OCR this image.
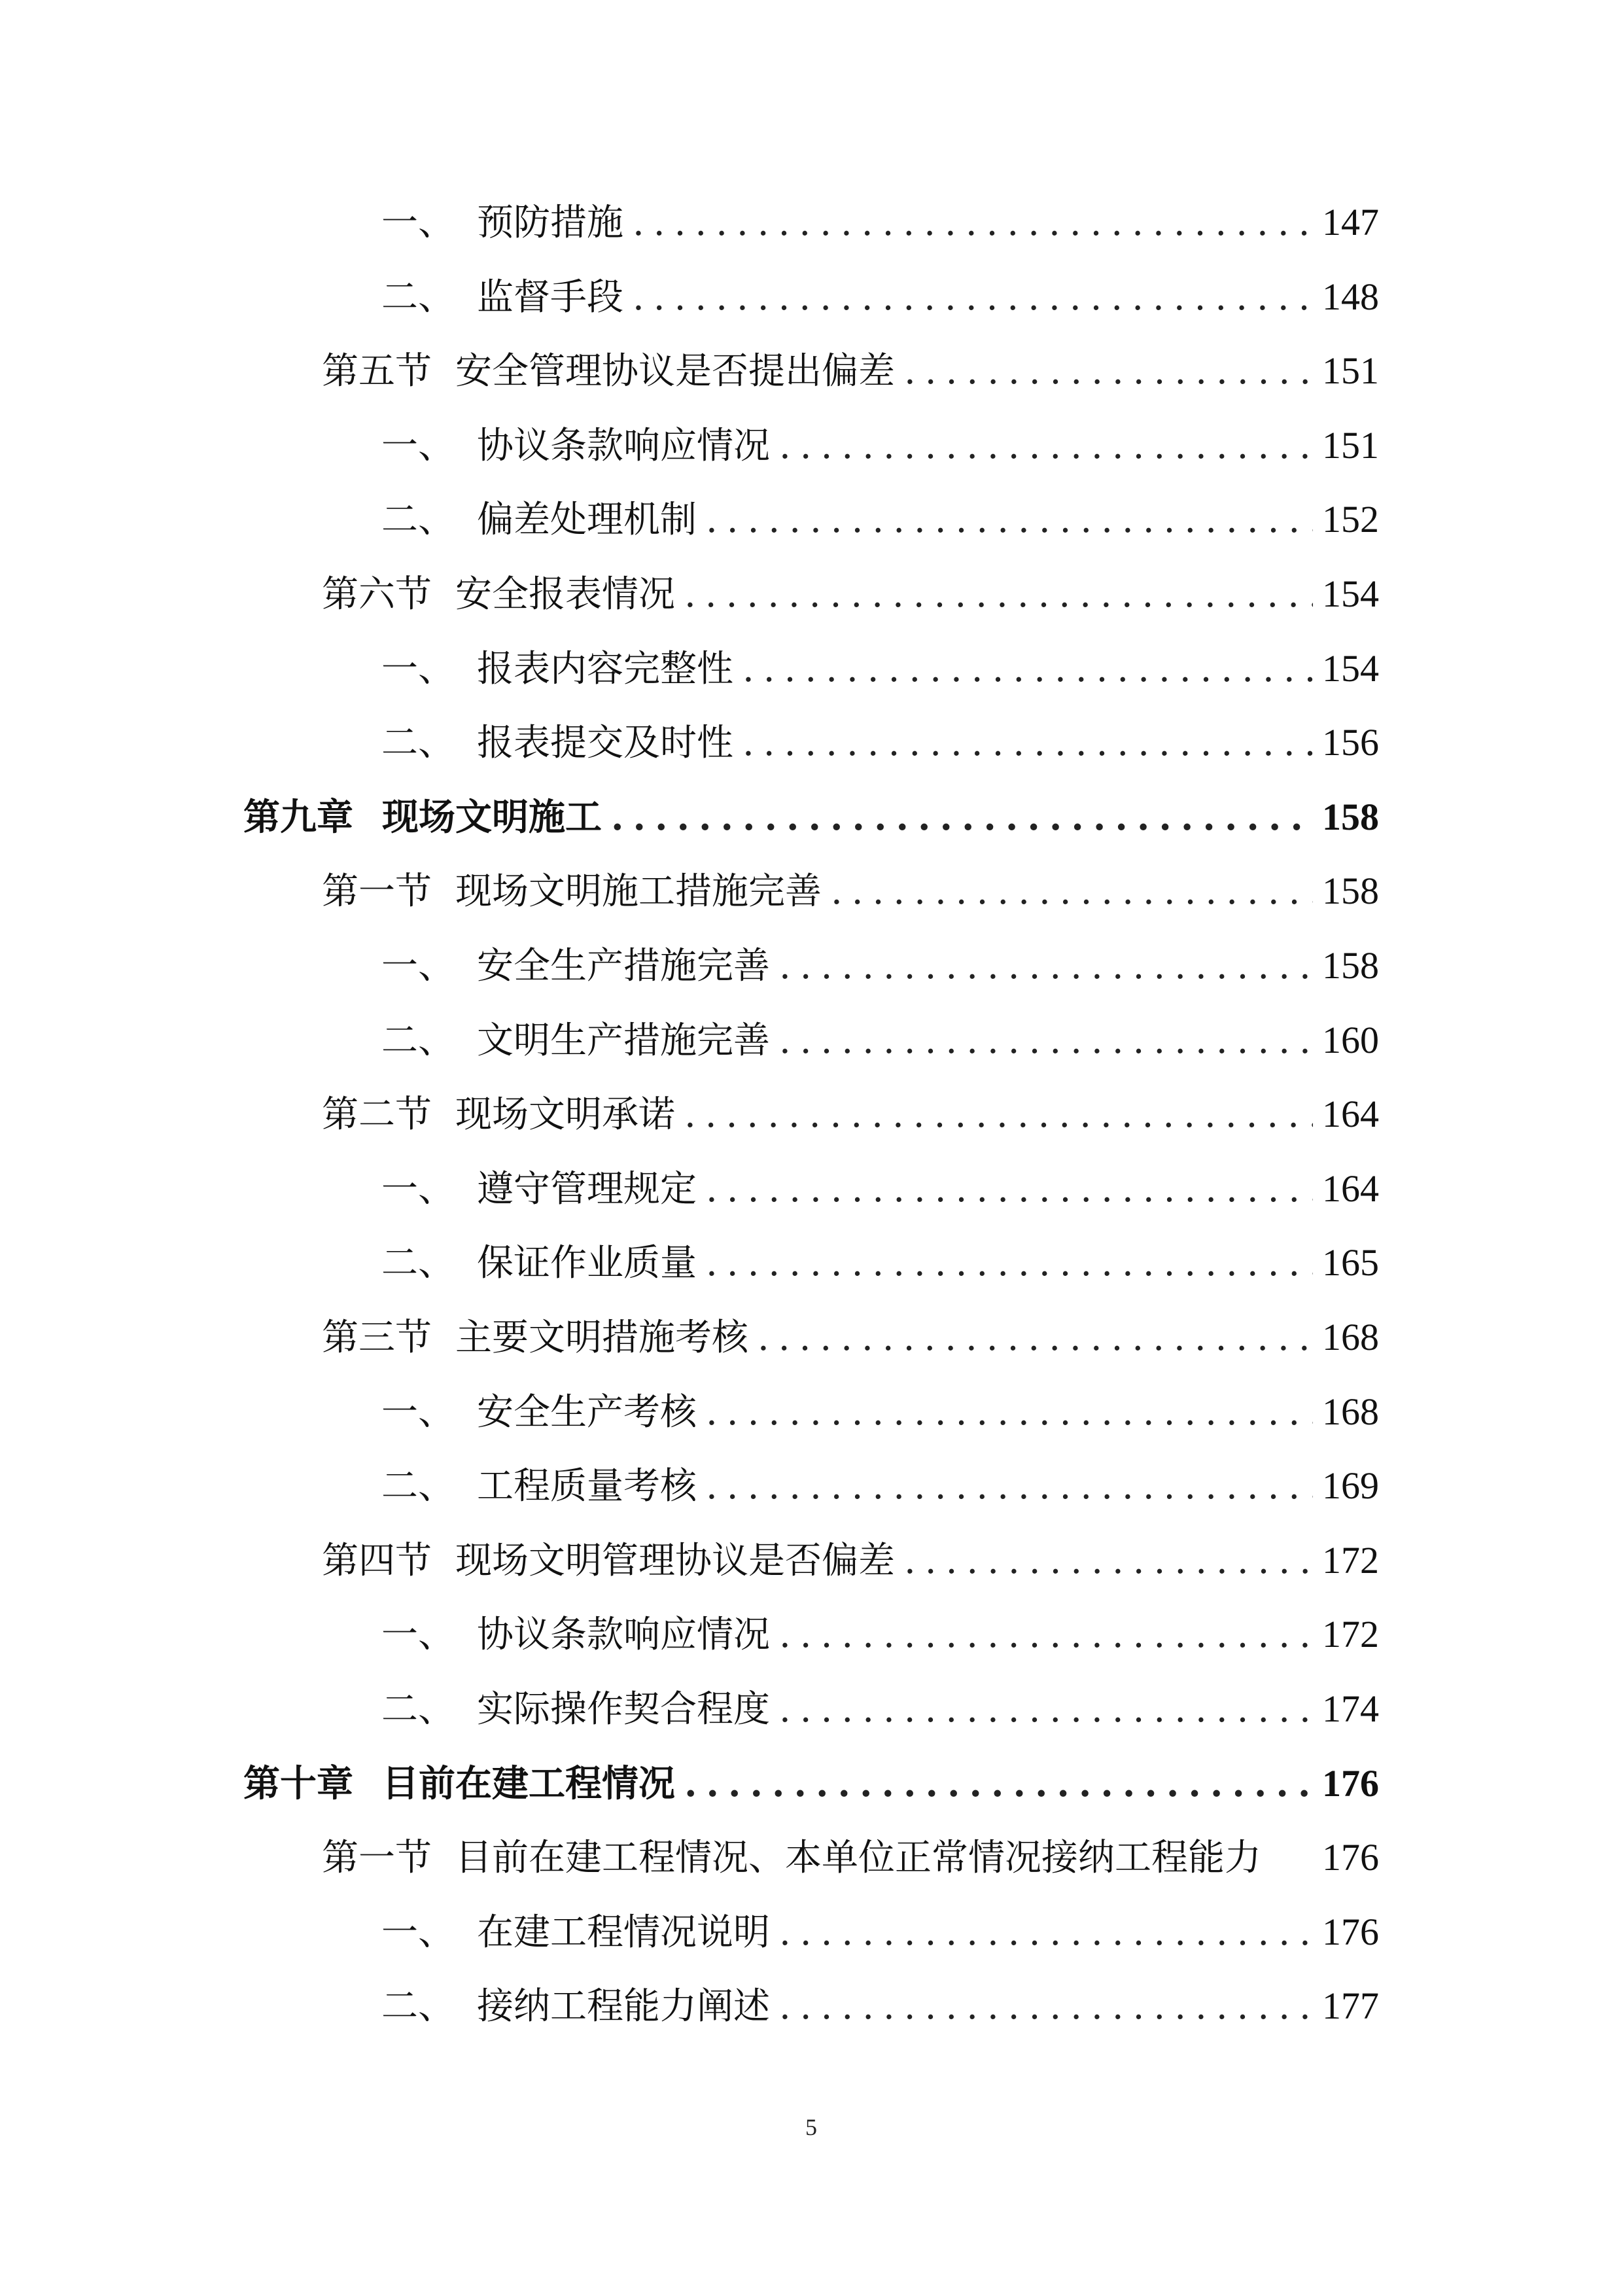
一、 预防措施 .....	147
二、 监督手段 .....	148
第五节 安全管理协议是否提出偏差 .....	151
一、 协议条款响应情况 .....	151
二、 偏差处理机制 .....	152
第六节 安全报表情况 .....	154
一、 报表内容完整性 .....	154
二、 报表提交及时性 .....	156
第九章 现场文明施工 .....	158
第一节 现场文明施工措施完善 .....	158
一、 安全生产措施完善 .....	158
二、 文明生产措施完善 .....	160
第二节 现场文明承诺 .....	164
一、 遵守管理规定 .....	164
二、 保证作业质量 .....	165
第三节 主要文明措施考核 .....	168
一、 安全生产考核 .....	168
二、 工程质量考核 .....	169
第四节 现场文明管理协议是否偏差 .....	172
一、 协议条款响应情况 .....	172
二、 实际操作契合程度 .....	174
第十章 目前在建工程情况 .....	176
第一节 目前在建工程情况、本单位正常情况接纳工程能力 176
一、 在建工程情况说明 .....	176
二、 接纳工程能力阐述 .....	177
5
